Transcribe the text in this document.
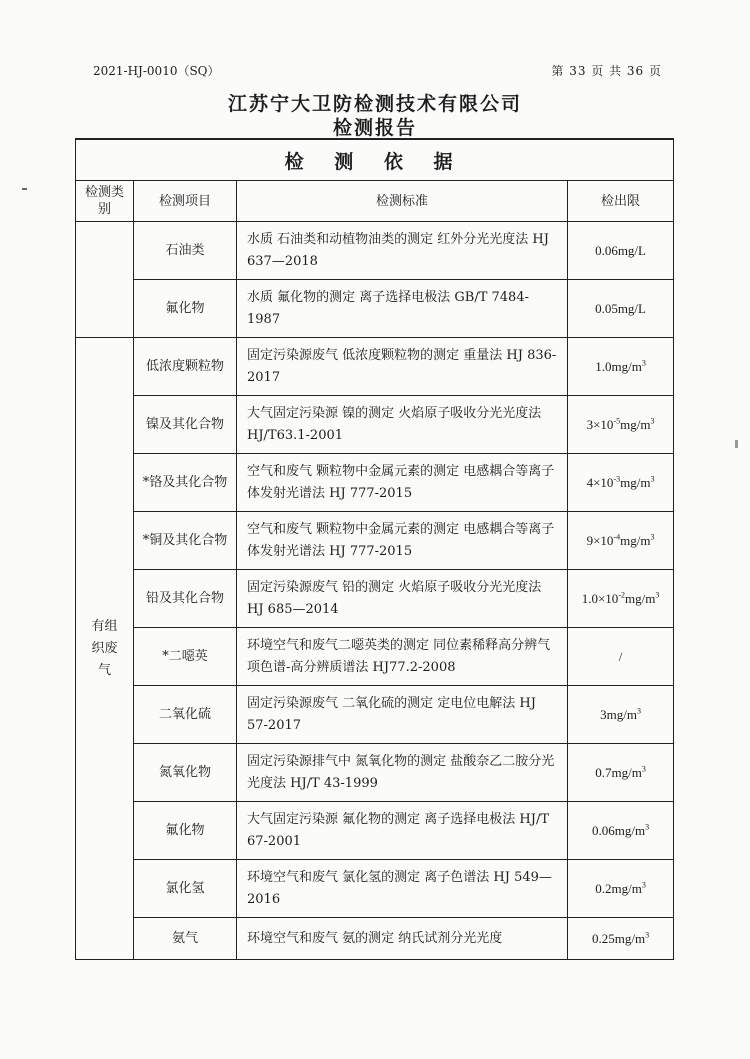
2021-HJ-0010（SQ）	第 33 页 共 36 页
江苏宁大卫防检测技术有限公司
检测报告
检 测 依 据			
检测类别	检测项目	检测标准	检出限
	石油类	水质 石油类和动植物油类的测定 红外分光光度法 HJ 637—2018	0.06mg/L
	氟化物	水质 氟化物的测定 离子选择电极法 GB/T 7484-1987	0.05mg/L
有组织废气	低浓度颗粒物	固定污染源废气 低浓度颗粒物的测定 重量法 HJ 836-2017	$1.0mg/m^3$
	镍及其化合物	大气固定污染源 镍的测定 火焰原子吸收分光光度法 HJ/T63.1-2001	$3\times 10^{-5}mg/m^3$
	*铬及其化合物	空气和废气 颗粒物中金属元素的测定 电感耦合等离子体发射光谱法 HJ 777-2015	$4\times 10^{-3}mg/m^3$
	*铜及其化合物	空气和废气 颗粒物中金属元素的测定 电感耦合等离子体发射光谱法 HJ 777-2015	$9\times 10^{-4}mg/m^3$
	铅及其化合物	固定污染源废气 铅的测定 火焰原子吸收分光光度法 HJ 685—2014	$1.0\times 10^{-2}mg/m^3$
	*二噁英	环境空气和废气二噁英类的测定 同位素稀释高分辨气项色谱-高分辨质谱法 HJ77.2-2008	/
	二氧化硫	固定污染源废气 二氧化硫的测定 定电位电解法 HJ 57-2017	$3mg/m^3$
	氮氧化物	固定污染源排气中 氮氧化物的测定 盐酸奈乙二胺分光光度法 HJ/T 43-1999	$0.7mg/m^3$
	氟化物	大气固定污染源 氟化物的测定 离子选择电极法 HJ/T 67-2001	$0.06mg/m^3$
	氯化氢	环境空气和废气 氯化氢的测定 离子色谱法 HJ 549—2016	$0.2mg/m^3$
	氨气	环境空气和废气 氨的测定 纳氏试剂分光光度	$0.25mg/m^3$
